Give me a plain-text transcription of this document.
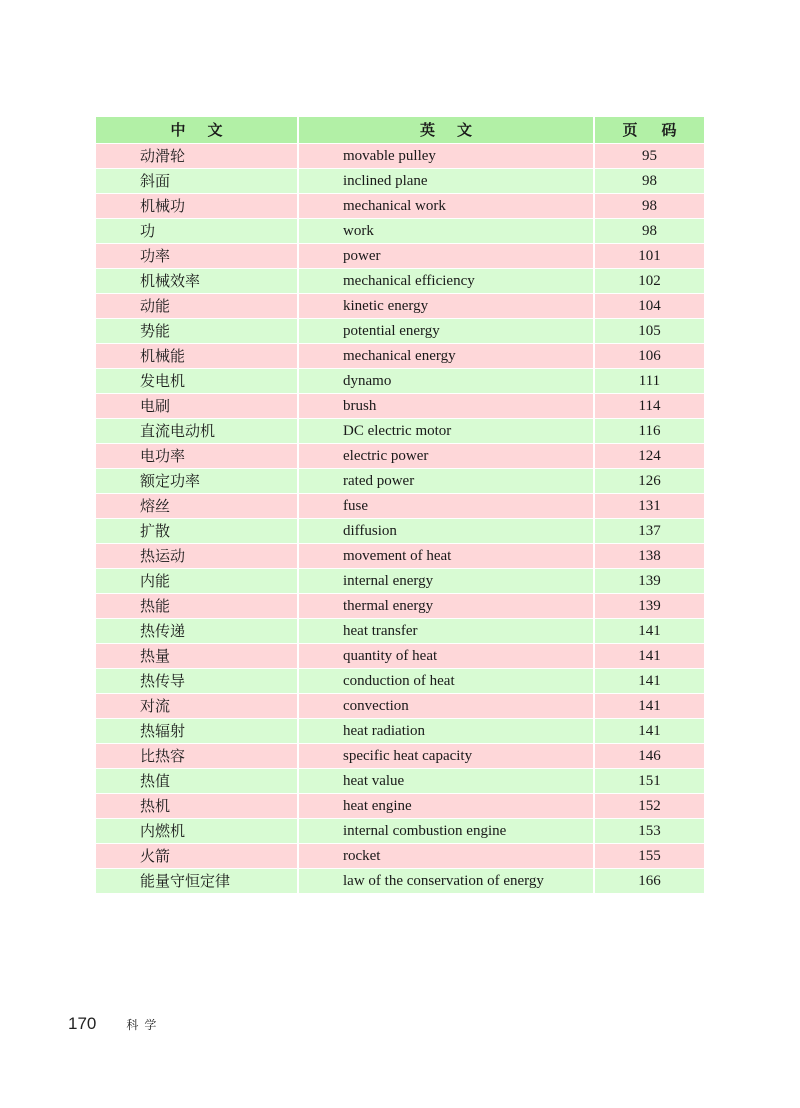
中文	英文	页码
动滑轮	movable pulley	95
斜面	inclined plane	98
机械功	mechanical work	98
功	work	98
功率	power	101
机械效率	mechanical efficiency	102
动能	kinetic energy	104
势能	potential energy	105
机械能	mechanical energy	106
发电机	dynamo	111
电刷	brush	114
直流电动机	DC electric motor	116
电功率	electric power	124
额定功率	rated power	126
熔丝	fuse	131
扩散	diffusion	137
热运动	movement of heat	138
内能	internal energy	139
热能	thermal energy	139
热传递	heat transfer	141
热量	quantity of heat	141
热传导	conduction of heat	141
对流	convection	141
热辐射	heat radiation	141
比热容	specific heat capacity	146
热值	heat value	151
热机	heat engine	152
内燃机	internal combustion engine	153
火箭	rocket	155
能量守恒定律	law of the conservation of energy	166
170	科学
